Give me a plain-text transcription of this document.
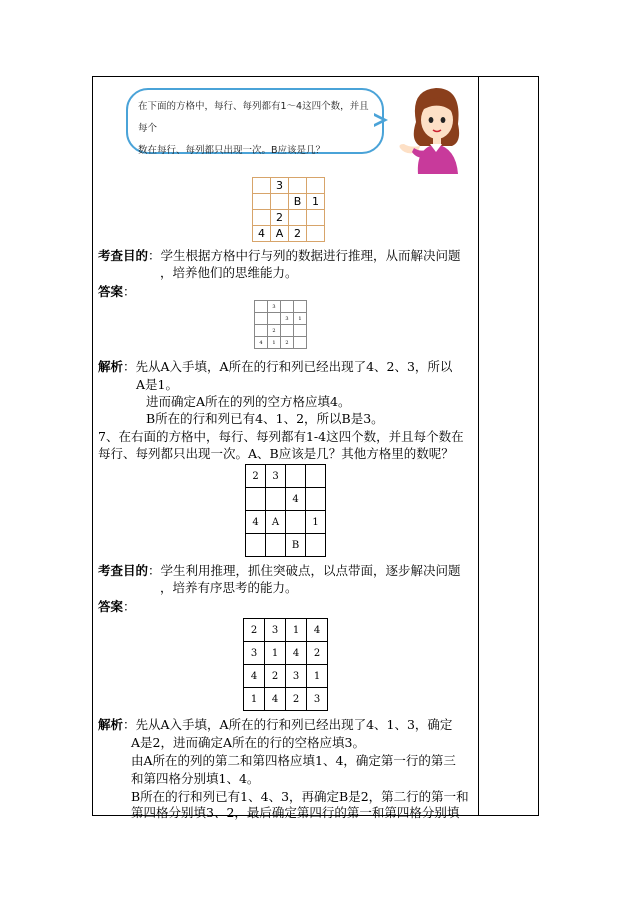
在下面的方格中，每行、每列都有1～4这四个数，并且每个
数在每行、每列都只出现一次。B应该是几？
	3		
		B	1
	2		
4	A	2	
考查目的：学生根据方格中行与列的数据进行推理，从而解决问题
，培养他们的思维能力。
答案：
	3		
		3	1
	2		
4	1	2	
解析：先从A入手填，A所在的行和列已经出现了4、2、3，所以
A是1。
进而确定A所在的列的空方格应填4。
B所在的行和列已有4、1、2，所以B是3。
7、在右面的方格中，每行、每列都有1-4这四个数，并且每个数在
每行、每列都只出现一次。A、B应该是几？其他方格里的数呢？
2	3		
		4	
4	A		1
		B	
考查目的：学生利用推理，抓住突破点，以点带面，逐步解决问题
，培养有序思考的能力。
答案：
2	3	1	4
3	1	4	2
4	2	3	1
1	4	2	3
解析：先从A入手填，A所在的行和列已经出现了4、1、3，确定
A是2，进而确定A所在的行的空格应填3。
由A所在的列的第二和第四格应填1、4，确定第一行的第三
和第四格分别填1、4。
B所在的行和列已有1、4、3，再确定B是2，第二行的第一和
第四格分别填3、2，最后确定第四行的第一和第四格分别填
